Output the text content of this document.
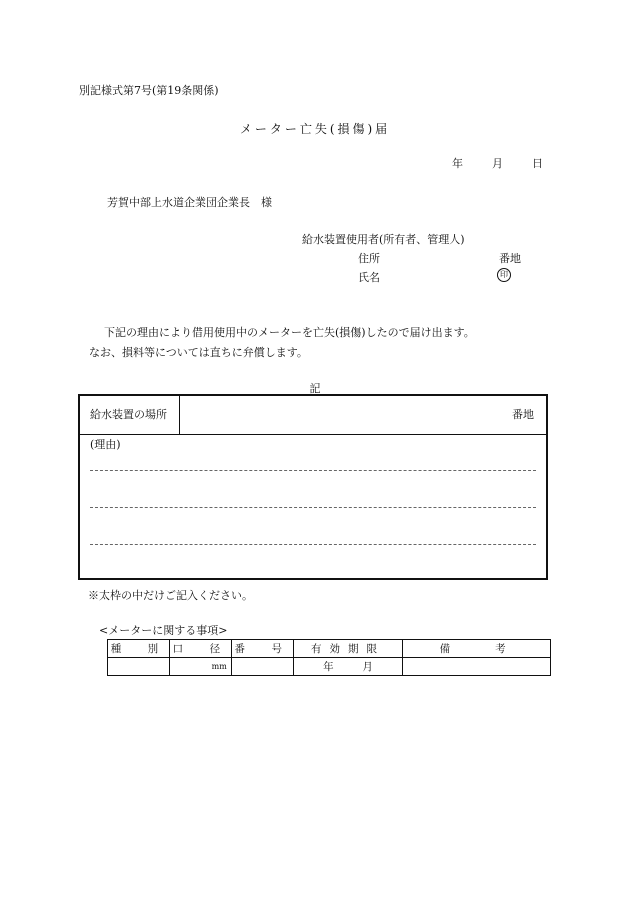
別記様式第7号(第19条関係)
メーター亡失(損傷)届
年	月	日
芳賀中部上水道企業団企業長　様
給水装置使用者(所有者、管理人)
住所	番地
氏名	印
下記の理由により借用使用中のメーターを亡失(損傷)したので届け出ます。
なお、損料等については直ちに弁償します。
記
給水装置の場所	番地
(理由)
※太枠の中だけご記入ください。
<メーターに関する事項>
種　別	口　径	番　号	有効期限	備　　考
	mm		年 月	
